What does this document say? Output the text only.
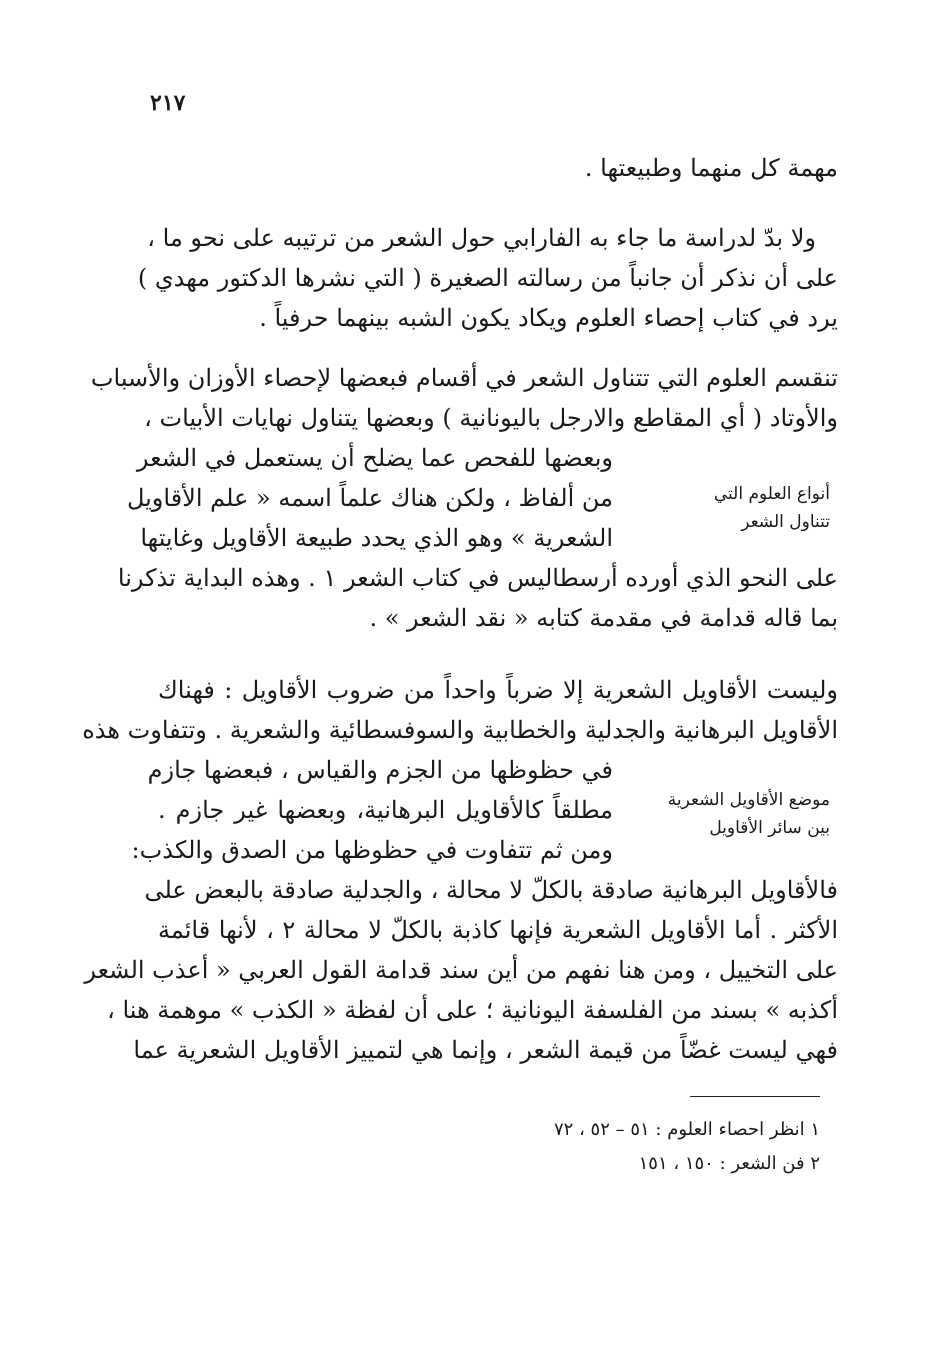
٢١٧
مهمة كل منهما وطبيعتها .
ولا بدّ لدراسة ما جاء به الفارابي حول الشعر من ترتيبه على نحو ما ،
على أن نذكر أن جانباً من رسالته الصغيرة ( التي نشرها الدكتور مهدي )
يرد في كتاب إحصاء العلوم ويكاد يكون الشبه بينهما حرفياً .
تنقسم العلوم التي تتناول الشعر في أقسام فبعضها لإحصاء الأوزان والأسباب
والأوتاد ( أي المقاطع والارجل باليونانية ) وبعضها يتناول نهايات الأبيات ،
وبعضها للفحص عما يضلح أن يستعمل في الشعر
من ألفاظ ، ولكن هناك علماً اسمه « علم الأقاويل
الشعرية » وهو الذي يحدد طبيعة الأقاويل وغايتها
أنواع العلوم التي
تتناول الشعر
على النحو الذي أورده أرسطاليس في كتاب الشعر ١ . وهذه البداية تذكرنا
بما قاله قدامة في مقدمة كتابه « نقد الشعر » .
وليست الأقاويل الشعرية إلا ضرباً واحداً من ضروب الأقاويل : فهناك
الأقاويل البرهانية والجدلية والخطابية والسوفسطائية والشعرية . وتتفاوت هذه
في حظوظها من الجزم والقياس ، فبعضها جازم
مطلقاً كالأقاويل البرهانية، وبعضها غير جازم .
ومن ثم تتفاوت في حظوظها من الصدق والكذب:
موضع الأقاويل الشعرية
بين سائر الأقاويل
فالأقاويل البرهانية صادقة بالكلّ لا محالة ، والجدلية صادقة بالبعض على
الأكثر . أما الأقاويل الشعرية فإنها كاذبة بالكلّ لا محالة ٢ ، لأنها قائمة
على التخييل ، ومن هنا نفهم من أين سند قدامة القول العربي « أعذب الشعر
أكذبه » بسند من الفلسفة اليونانية ؛ على أن لفظة « الكذب » موهمة هنا ،
فهي ليست غضّاً من قيمة الشعر ، وإنما هي لتمييز الأقاويل الشعرية عما
١ انظر احصاء العلوم : ٥١ – ٥٢ ، ٧٢
٢ فن الشعر : ١٥٠ ، ١٥١
